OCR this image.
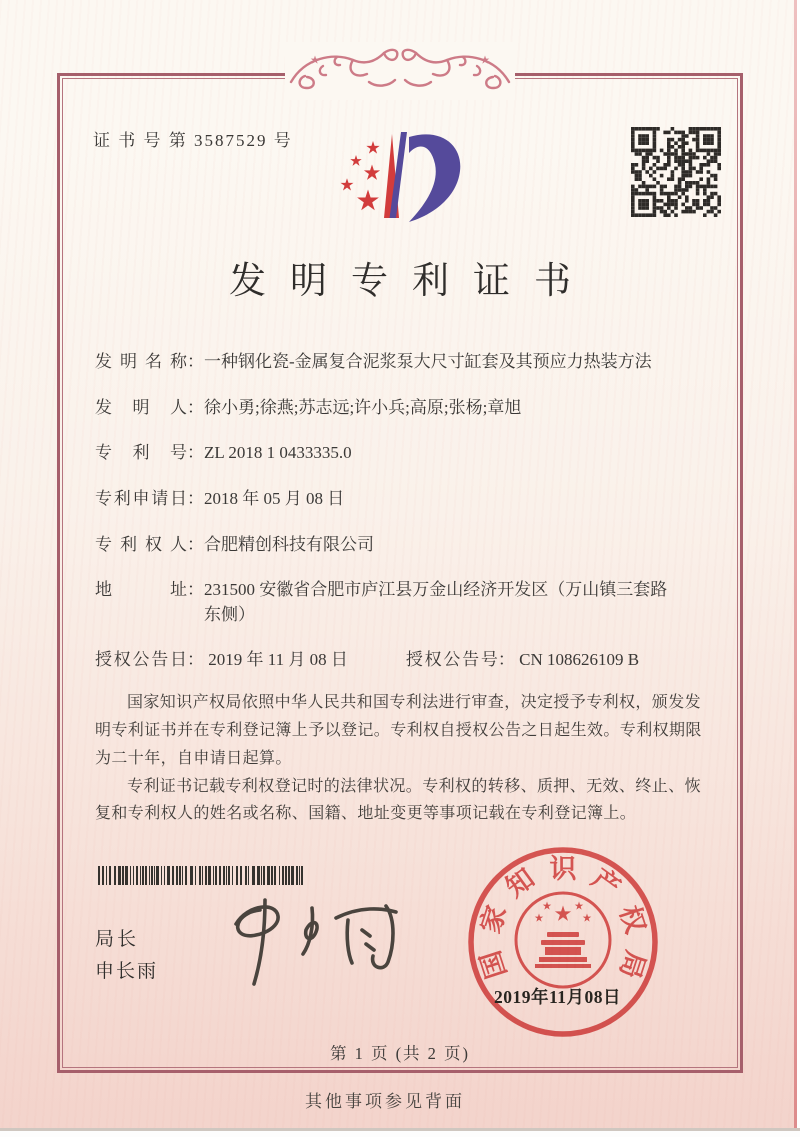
证 书 号 第 3587529 号
发明专利证书
发明名称：一种钢化瓷-金属复合泥浆泵大尺寸缸套及其预应力热装方法
发明人：徐小勇;徐燕;苏志远;许小兵;高原;张杨;章旭
专利号：ZL 2018 1 0433335.0
专利申请日：2018 年 05 月 08 日
专利权人：合肥精创科技有限公司
地址：231500 安徽省合肥市庐江县万金山经济开发区（万山镇三套路东侧）
授权公告日： 2019 年 11 月 08 日	授权公告号： CN 108626109 B

国家知识产权局依照中华人民共和国专利法进行审查，决定授予专利权，颁发发明专利证书并在专利登记簿上予以登记。专利权自授权公告之日起生效。专利权期限为二十年，自申请日起算。

专利证书记载专利权登记时的法律状况。专利权的转移、质押、无效、终止、恢复和专利权人的姓名或名称、国籍、地址变更等事项记载在专利登记簿上。

局长
申长雨	国
家
知 识 产
权
局
2019年11月08日
第 1 页 (共 2 页)
其他事项参见背面
